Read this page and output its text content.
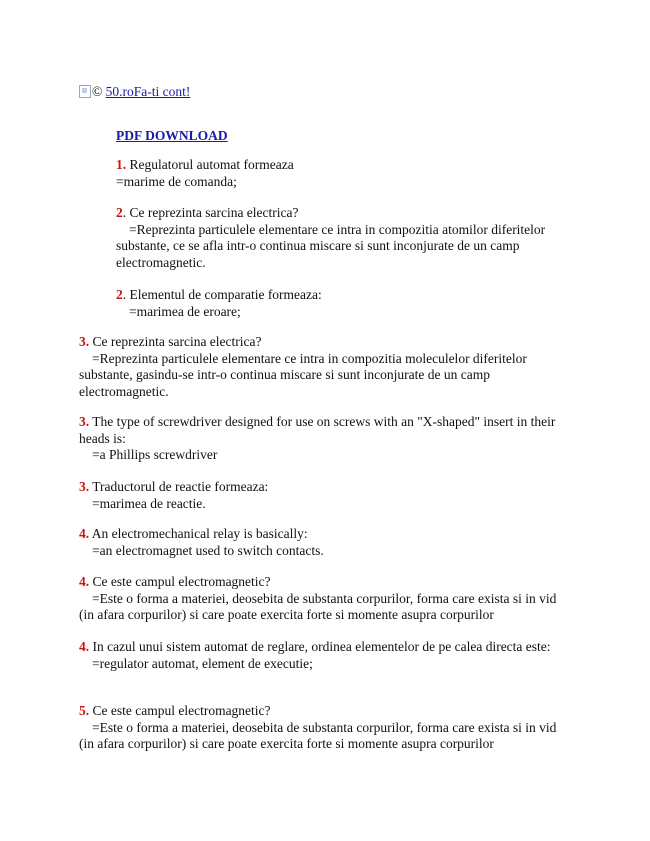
© 50.roFa-ti cont!
PDF DOWNLOAD
1. Regulatorul automat formeaza
=marime de comanda;
2. Ce reprezinta sarcina electrica?
=Reprezinta particulele elementare ce intra in compozitia atomilor diferitelor substante, ce se afla intr-o continua miscare si sunt inconjurate de un camp electromagnetic.
2. Elementul de comparatie formeaza:
=marimea de eroare;
3. Ce reprezinta sarcina electrica?
=Reprezinta particulele elementare ce intra in compozitia moleculelor diferitelor substante, gasindu-se intr-o continua miscare si sunt inconjurate de un camp electromagnetic.
3. The type of screwdriver designed for use on screws with an "X-shaped" insert in their heads is:
=a Phillips screwdriver
3. Traductorul de reactie formeaza:
=marimea de reactie.
4. An electromechanical relay is basically:
=an electromagnet used to switch contacts.
4. Ce este campul electromagnetic?
=Este o forma a materiei, deosebita de substanta corpurilor, forma care exista si in vid (in afara corpurilor) si care poate exercita forte si momente asupra corpurilor
4. In cazul unui sistem automat de reglare, ordinea elementelor de pe calea directa este:
=regulator automat, element de executie;
5. Ce este campul electromagnetic?
=Este o forma a materiei, deosebita de substanta corpurilor, forma care exista si in vid (in afara corpurilor) si care poate exercita forte si momente asupra corpurilor
